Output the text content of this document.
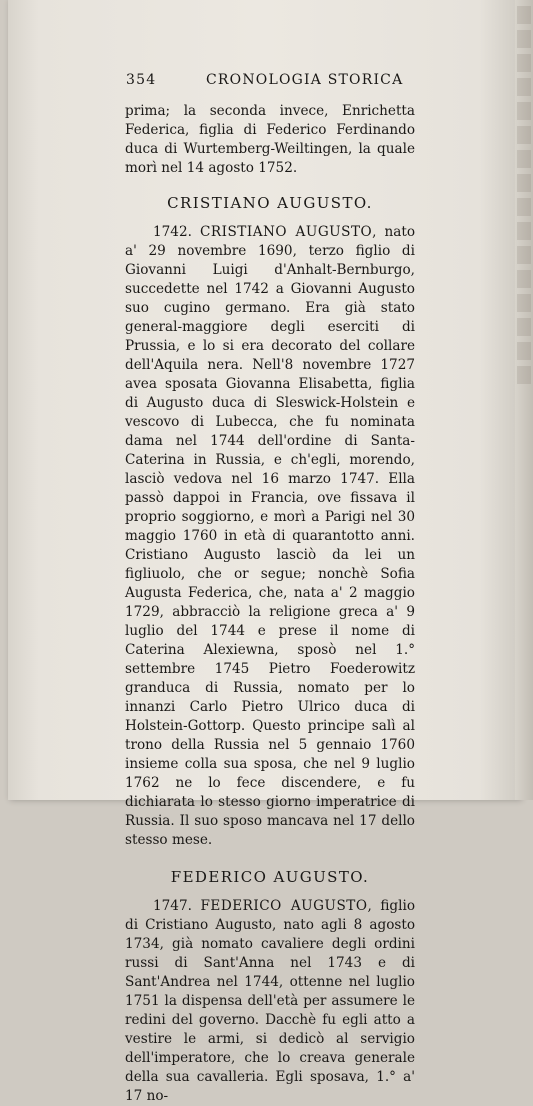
354	CRONOLOGIA STORICA

prima; la seconda invece, Enrichetta Federica, figlia di Federico Ferdinando duca di Wurtemberg-Weiltingen, la quale morì nel 14 agosto 1752.

CRISTIANO AUGUSTO.

1742. CRISTIANO AUGUSTO, nato a' 29 novembre 1690, terzo figlio di Giovanni Luigi d'Anhalt-Bernburgo, succedette nel 1742 a Giovanni Augusto suo cugino germano. Era già stato general-maggiore degli eserciti di Prussia, e lo si era decorato del collare dell'Aquila nera. Nell'8 novembre 1727 avea sposata Giovanna Elisabetta, figlia di Augusto duca di Sleswick-Holstein e vescovo di Lubecca, che fu nominata dama nel 1744 dell'ordine di Santa-Caterina in Russia, e ch'egli, morendo, lasciò vedova nel 16 marzo 1747. Ella passò dappoi in Francia, ove fissava il proprio soggiorno, e morì a Parigi nel 30 maggio 1760 in età di quarantotto anni. Cristiano Augusto lasciò da lei un figliuolo, che or segue; nonchè Sofia Augusta Federica, che, nata a' 2 maggio 1729, abbracciò la religione greca a' 9 luglio del 1744 e prese il nome di Caterina Alexiewna, sposò nel 1.° settembre 1745 Pietro Foederowitz granduca di Russia, nomato per lo innanzi Carlo Pietro Ulrico duca di Holstein-Gottorp. Questo principe salì al trono della Russia nel 5 gennaio 1760 insieme colla sua sposa, che nel 9 luglio 1762 ne lo fece discendere, e fu dichiarata lo stesso giorno imperatrice di Russia. Il suo sposo mancava nel 17 dello stesso mese.

FEDERICO AUGUSTO.

1747. FEDERICO AUGUSTO, figlio di Cristiano Augusto, nato agli 8 agosto 1734, già nomato cavaliere degli ordini russi di Sant'Anna nel 1743 e di Sant'Andrea nel 1744, ottenne nel luglio 1751 la dispensa dell'età per assumere le redini del governo. Dacchè fu egli atto a vestire le armi, si dedicò al servigio dell'imperatore, che lo creava generale della sua cavalleria. Egli sposava, 1.° a' 17 no-
